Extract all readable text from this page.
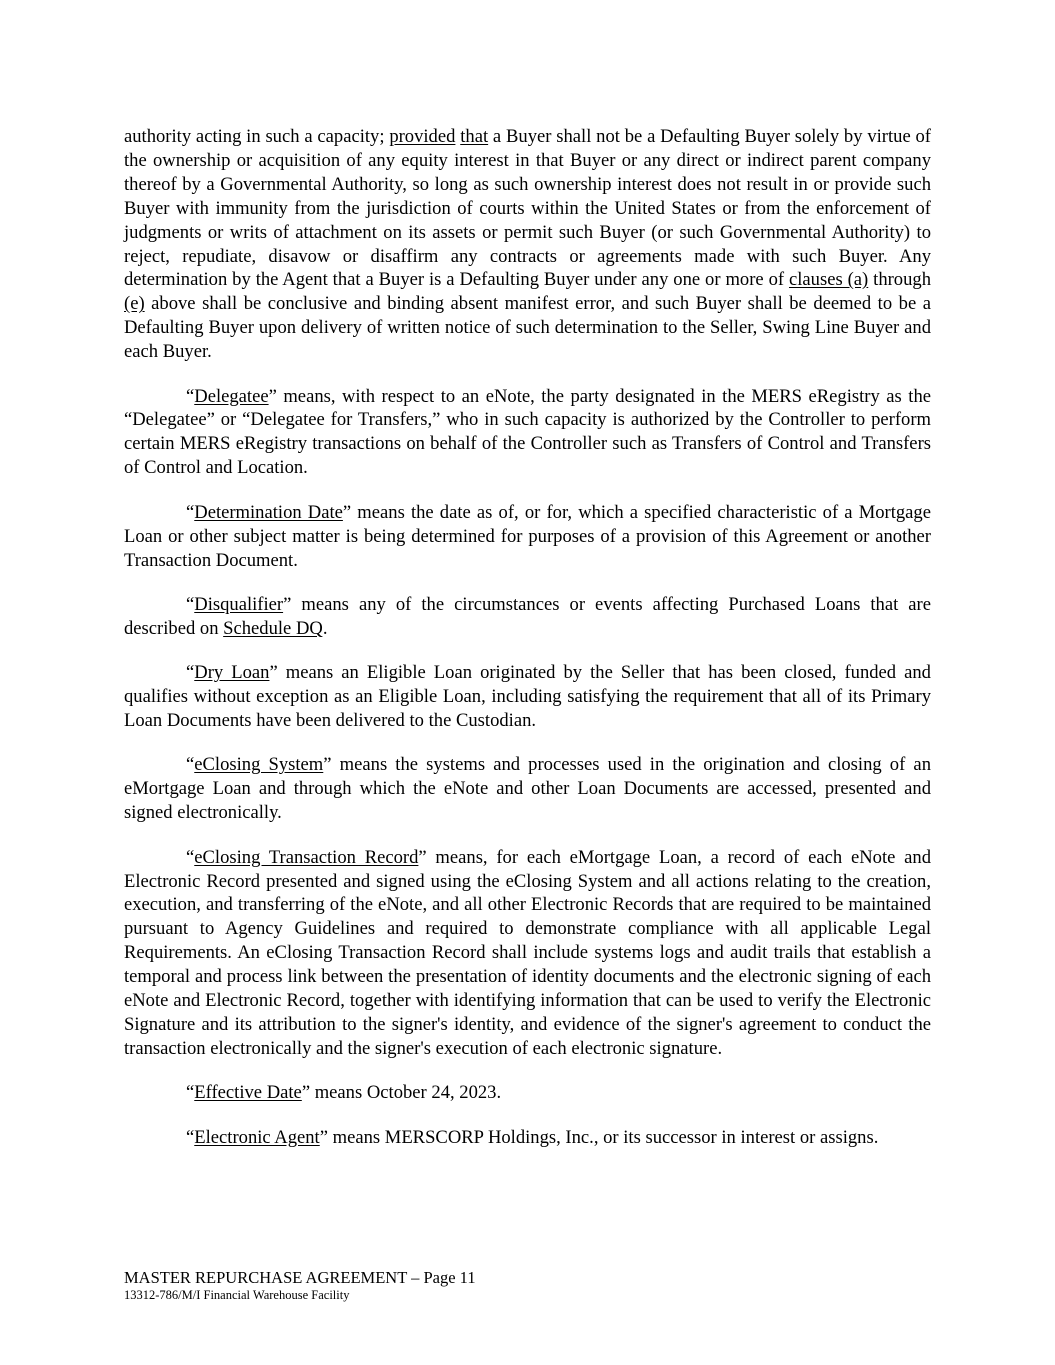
authority acting in such a capacity; provided that a Buyer shall not be a Defaulting Buyer solely by virtue of the ownership or acquisition of any equity interest in that Buyer or any direct or indirect parent company thereof by a Governmental Authority, so long as such ownership interest does not result in or provide such Buyer with immunity from the jurisdiction of courts within the United States or from the enforcement of judgments or writs of attachment on its assets or permit such Buyer (or such Governmental Authority) to reject, repudiate, disavow or disaffirm any contracts or agreements made with such Buyer. Any determination by the Agent that a Buyer is a Defaulting Buyer under any one or more of clauses (a) through (e) above shall be conclusive and binding absent manifest error, and such Buyer shall be deemed to be a Defaulting Buyer upon delivery of written notice of such determination to the Seller, Swing Line Buyer and each Buyer.

“Delegatee” means, with respect to an eNote, the party designated in the MERS eRegistry as the “Delegatee” or “Delegatee for Transfers,” who in such capacity is authorized by the Controller to perform certain MERS eRegistry transactions on behalf of the Controller such as Transfers of Control and Transfers of Control and Location.

“Determination Date” means the date as of, or for, which a specified characteristic of a Mortgage Loan or other subject matter is being determined for purposes of a provision of this Agreement or another Transaction Document.

“Disqualifier” means any of the circumstances or events affecting Purchased Loans that are described on Schedule DQ.

“Dry Loan” means an Eligible Loan originated by the Seller that has been closed, funded and qualifies without exception as an Eligible Loan, including satisfying the requirement that all of its Primary Loan Documents have been delivered to the Custodian.

“eClosing System” means the systems and processes used in the origination and closing of an eMortgage Loan and through which the eNote and other Loan Documents are accessed, presented and signed electronically.

“eClosing Transaction Record” means, for each eMortgage Loan, a record of each eNote and Electronic Record presented and signed using the eClosing System and all actions relating to the creation, execution, and transferring of the eNote, and all other Electronic Records that are required to be maintained pursuant to Agency Guidelines and required to demonstrate compliance with all applicable Legal Requirements. An eClosing Transaction Record shall include systems logs and audit trails that establish a temporal and process link between the presentation of identity documents and the electronic signing of each eNote and Electronic Record, together with identifying information that can be used to verify the Electronic Signature and its attribution to the signer's identity, and evidence of the signer's agreement to conduct the transaction electronically and the signer's execution of each electronic signature.

“Effective Date” means October 24, 2023.

“Electronic Agent” means MERSCORP Holdings, Inc., or its successor in interest or assigns.

MASTER REPURCHASE AGREEMENT – Page 11
13312-786/M/I Financial Warehouse Facility
